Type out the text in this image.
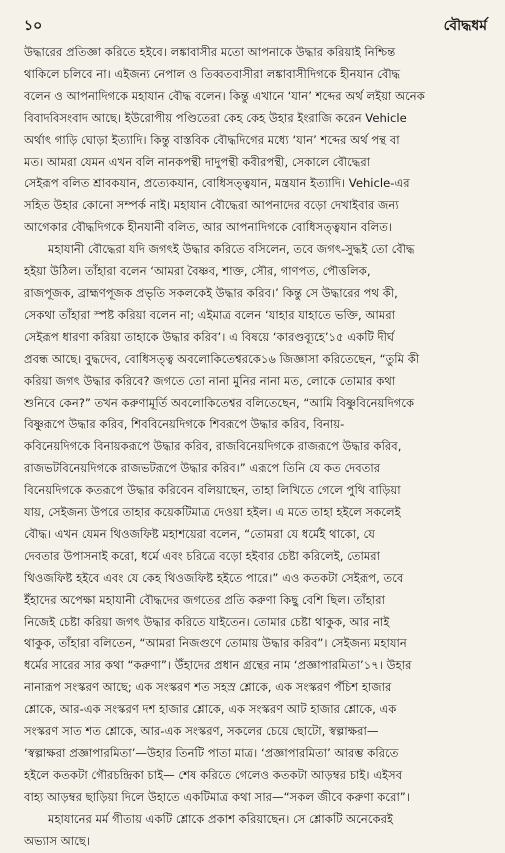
১০	বৌদ্ধধর্ম
উদ্ধারের প্রতিজ্ঞা করিতে হইবে। লঙ্কাবাসীর মতো আপনাকে উদ্ধার করিয়াই নিশ্চিন্ত
থাকিলে চলিবে না। এইজন্য নেপাল ও তিব্বতবাসীরা লঙ্কাবাসীদিগকে হীনযান বৌদ্ধ
বলেন ও আপনাদিগকে মহাযান বৌদ্ধ বলেন। কিন্তু এখানে ‘যান’ শব্দের অর্থ লইয়া অনেক
বিবাদবিসংবাদ আছে। ইউরোপীয় পণ্ডিতেরা কেহ কেহ উহার ইংরাজি করেন Vehicle
অর্থাৎ গাড়ি ঘোড়া ইত্যাদি। কিন্তু বাস্তবিক বৌদ্ধদিগের মধ্যে ‘যান’ শব্দের অর্থ পন্থ বা
মত। আমরা যেমন এখন বলি নানকপন্থী দাদুপন্থী কবীরপন্থী, সেকালে বৌদ্ধেরা
সেইরূপ বলিত শ্রাবকযান, প্রত্যেকযান, বোধিসত্ত্বযান, মন্ত্রযান ইত্যাদি। Vehicle-এর
সহিত উহার কোনো সম্পর্ক নাই। মহাযান বৌদ্ধেরা আপনাদের বড়ো দেখাইবার জন্য
আগেকার বৌদ্ধদিগকে হীনযানী বলিত, আর আপনাদিগকে বোধিসত্ত্বযান বলিত।
মহাযানী বৌদ্ধেরা যদি জগৎই উদ্ধার করিতে বসিলেন, তবে জগৎ-সুদ্ধই তো বৌদ্ধ
হইয়া উঠিল। তাঁহারা বলেন ‘আমরা বৈষ্ণব, শাক্ত, সৌর, গাণপত, পৌত্তলিক,
রাজপূজক, ব্রাহ্মণপূজক প্রভৃতি সকলকেই উদ্ধার করিব।’ কিন্তু সে উদ্ধারের পথ কী,
সেকথা তাঁহারা স্পষ্ট করিয়া বলেন না; এইমাত্র বলেন ‘যাহার যাহাতে ভক্তি, আমরা
সেইরূপ ধারণা করিয়া তাহাকে উদ্ধার করিব’। এ বিষয়ে ‘কারণ্ডব্যূহে’১৫ একটি দীর্ঘ
প্রবন্ধ আছে। বুদ্ধদেব, বোধিসত্ত্ব অবলোকিতেশ্বরকে১৬ জিজ্ঞাসা করিতেছেন, “তুমি কী
করিয়া জগৎ উদ্ধার করিবে? জগতে তো নানা মুনির নানা মত, লোকে তোমার কথা
শুনিবে কেন?” তখন করুণামূর্তি অবলোকিতেশ্বর বলিতেছেন, “আমি বিষ্ণুবিনেয়দিগকে
বিষ্ণুরূপে উদ্ধার করিব, শিববিনেয়দিগকে শিবরূপে উদ্ধার করিব, বিনায়-
কবিনেয়দিগকে বিনায়করূপে উদ্ধার করিব, রাজবিনেয়দিগকে রাজরূপে উদ্ধার করিব,
রাজভটবিনেয়দিগকে রাজভটরূপে উদ্ধার করিব।” এরূপে তিনি যে কত দেবতার
বিনেয়দিগকে কতরূপে উদ্ধার করিবেন বলিয়াছেন, তাহা লিখিতে গেলে পুথি বাড়িয়া
যায়, সেইজন্য উপরে তাহার কয়েকটিমাত্র দেওয়া হইল। এ মতে তাহা হইলে সকলেই
বৌদ্ধ। এখন যেমন থিওজফিষ্ট মহাশয়েরা বলেন, “তোমরা যে ধর্মেই থাকো, যে
দেবতার উপাসনাই করো, ধর্মে এবং চরিত্রে বড়ো হইবার চেষ্টা করিলেই, তোমরা
থিওজফিষ্ট হইবে এবং যে কেহ থিওজফিষ্ট হইতে পারে।” এও কতকটা সেইরূপ, তবে
ইঁহাদের অপেক্ষা মহাযানী বৌদ্ধদের জগতের প্রতি করুণা কিছু বেশি ছিল। তাঁহারা
নিজেই চেষ্টা করিয়া জগৎ উদ্ধার করিতে যাইতেন। তোমার চেষ্টা থাকুক, আর নাই
থাকুক, তাঁহারা বলিতেন, “আমরা নিজগুণে তোমায় উদ্ধার করিব”। সেইজন্য মহাযান
ধর্মের সারের সার কথা “করুণা”। উঁহাদের প্রধান গ্রন্থের নাম ‘প্রজ্ঞাপারমিতা’১৭। উহার
নানারূপ সংস্করণ আছে; এক সংস্করণ শত সহস্র শ্লোকে, এক সংস্করণ পঁচিশ হাজার
শ্লোকে, আর-এক সংস্করণ দশ হাজার শ্লোকে, এক সংস্করণ আট হাজার শ্লোকে, এক
সংস্করণ সাত শত শ্লোকে, আর-এক সংস্করণ, সকলের চেয়ে ছোটো, স্বল্পাক্ষরা—
‘স্বল্পাক্ষরা প্রজ্ঞাপারমিতা’—উহার তিনটি পাতা মাত্র। ‘প্রজ্ঞাপারমিতা’ আরম্ভ করিতে
হইলে কতকটা গৌরচন্দ্রিকা চাই— শেষ করিতে গেলেও কতকটা আড়ম্বর চাই। এইসব
বাহ্য আড়ম্বর ছাড়িয়া দিলে উহাতে একটিমাত্র কথা সার—“সকল জীবে করুণা করো”।
মহাযানের মর্ম গীতায় একটি শ্লোকে প্রকাশ করিয়াছেন। সে শ্লোকটি অনেকেরই
অভ্যাস আছে।
